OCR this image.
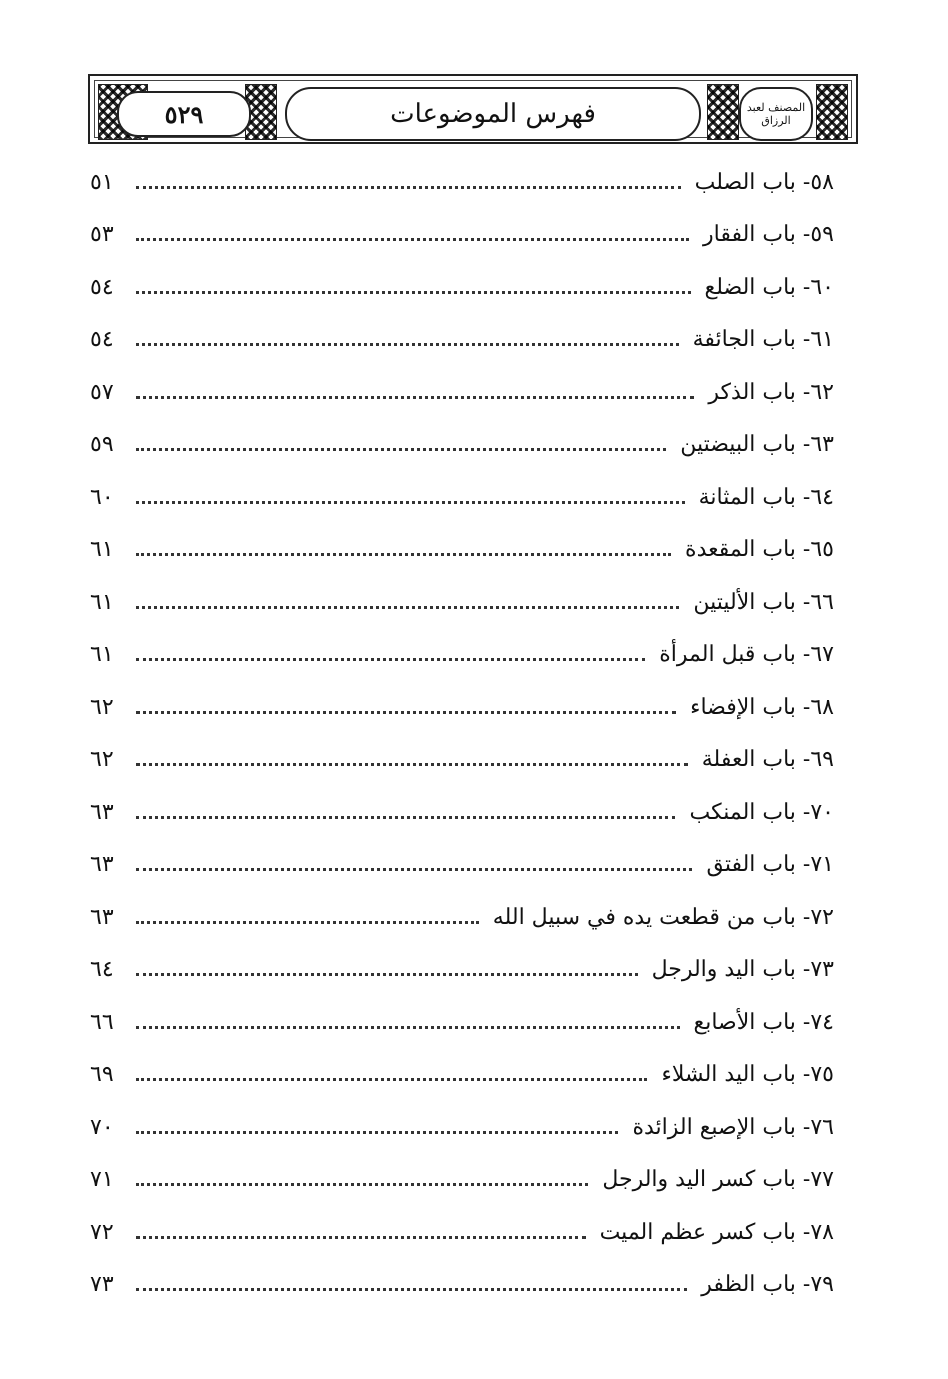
٥٢٩	فهرس الموضوعات	المصنف لعبد الرزاق
٥٨- باب الصلب
٥١
٥٩- باب الفقار
٥٣
٦٠- باب الضلع
٥٤
٦١- باب الجائفة
٥٤
٦٢- باب الذكر
٥٧
٦٣- باب البيضتين
٥٩
٦٤- باب المثانة
٦٠
٦٥- باب المقعدة
٦١
٦٦- باب الأليتين
٦١
٦٧- باب قبل المرأة
٦١
٦٨- باب الإفضاء
٦٢
٦٩- باب العفلة
٦٢
٧٠- باب المنكب
٦٣
٧١- باب الفتق
٦٣
٧٢- باب من قطعت يده في سبيل الله
٦٣
٧٣- باب اليد والرجل
٦٤
٧٤- باب الأصابع
٦٦
٧٥- باب اليد الشلاء
٦٩
٧٦- باب الإصبع الزائدة
٧٠
٧٧- باب كسر اليد والرجل
٧١
٧٨- باب كسر عظم الميت
٧٢
٧٩- باب الظفر
٧٣
